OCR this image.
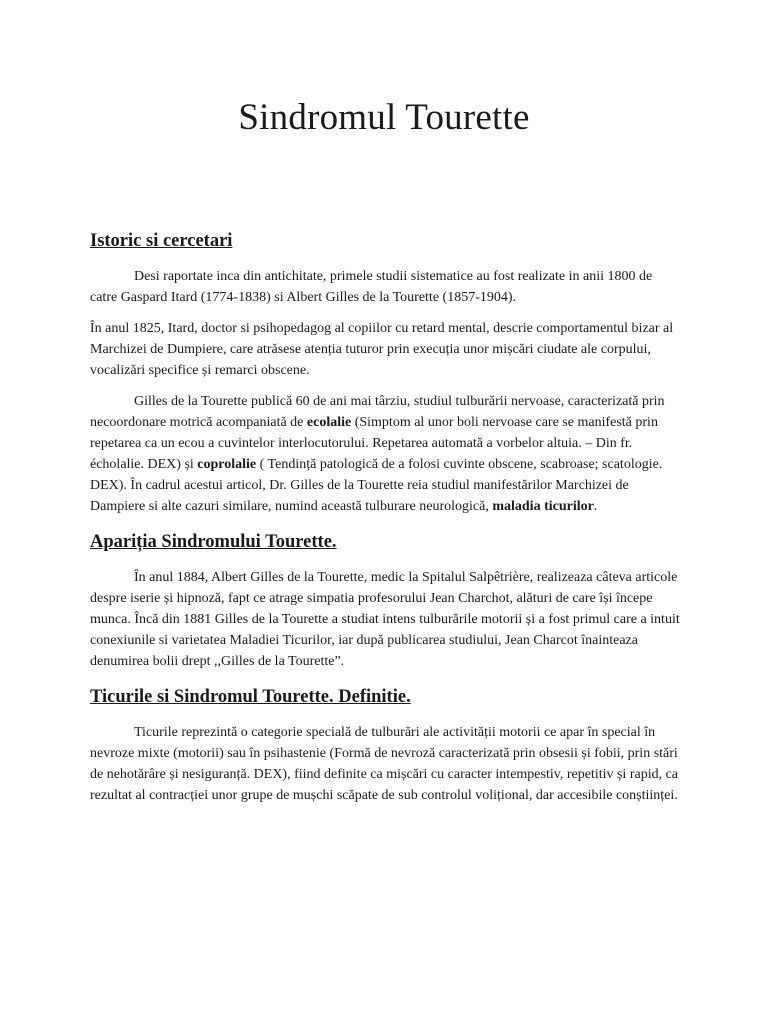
Sindromul Tourette
Istoric si cercetari

Desi raportate inca din antichitate, primele studii sistematice au fost realizate in anii 1800 de catre Gaspard Itard (1774-1838) si Albert Gilles de la Tourette (1857-1904).

În anul 1825, Itard, doctor si psihopedagog al copiilor cu retard mental, descrie comportamentul bizar al Marchizei de Dumpiere, care atrăsese atenția tuturor prin execuția unor mișcări ciudate ale corpului, vocalizări specifice și remarci obscene.

Gilles de la Tourette publică 60 de ani mai târziu, studiul tulburării nervoase, caracterizată prin necoordonare motrică acompaniată de ecolalie (Simptom al unor boli nervoase care se manifestă prin repetarea ca un ecou a cuvintelor interlocutorului. Repetarea automată a vorbelor altuia. – Din fr. écholalie. DEX) și coprolalie ( Tendință patologică de a folosi cuvinte obscene, scabroase; scatologie. DEX). În cadrul acestui articol, Dr. Gilles de la Tourette reia studiul manifestărilor Marchizei de Dampiere si alte cazuri similare, numind această tulburare neurologică, maladia ticurilor.

Apariția Sindromului Tourette.

În anul 1884, Albert Gilles de la Tourette, medic la Spitalul Salpêtrière, realizeaza câteva articole despre iserie și hipnoză, fapt ce atrage simpatia profesorului Jean Charchot, alături de care își începe munca. Încă din 1881 Gilles de la Tourette a studiat intens tulburările motorii și a fost primul care a intuit conexiunile si varietatea Maladiei Ticurilor, iar după publicarea studiului, Jean Charcot înainteaza denumirea bolii drept ,,Gilles de la Tourette”.

Ticurile si Sindromul Tourette. Definitie.

Ticurile reprezintă o categorie specială de tulburări ale activității motorii ce apar în special în nevroze mixte (motorii) sau în psihastenie (Formă de nevroză caracterizată prin obsesii și fobii, prin stări de nehotărâre și nesiguranță. DEX), fiind definite ca mișcări cu caracter intempestiv, repetitiv și rapid, ca rezultat al contracției unor grupe de mușchi scăpate de sub controlul volițional, dar accesibile conștiinței.
